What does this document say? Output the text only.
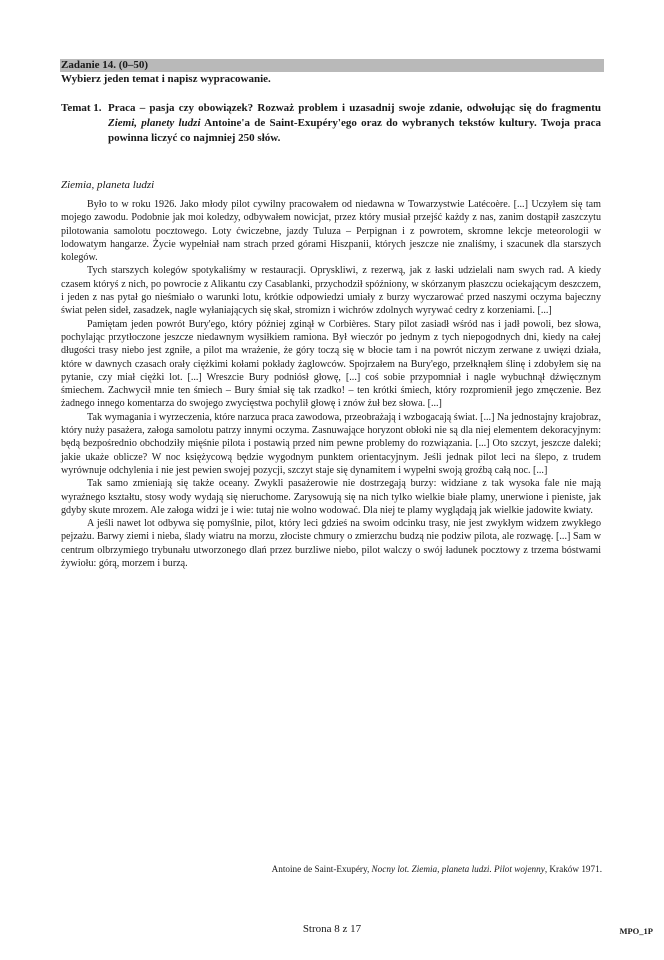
Zadanie 14. (0–50)
Wybierz jeden temat i napisz wypracowanie.
Temat 1. Praca – pasja czy obowiązek? Rozważ problem i uzasadnij swoje zdanie, odwołując się do fragmentu Ziemi, planety ludzi Antoine'a de Saint-Exupéry'ego oraz do wybranych tekstów kultury. Twoja praca powinna liczyć co najmniej 250 słów.
Ziemia, planeta ludzi

Było to w roku 1926. Jako młody pilot cywilny pracowałem od niedawna w Towarzystwie Latécoère. [...] Uczyłem się tam mojego zawodu. Podobnie jak moi koledzy, odbywałem nowicjat, przez który musiał przejść każdy z nas, zanim dostąpił zaszczytu pilotowania samolotu pocztowego. Loty ćwiczebne, jazdy Tuluza – Perpignan i z powrotem, skromne lekcje meteorologii w lodowatym hangarze. Życie wypełniał nam strach przed górami Hiszpanii, których jeszcze nie znaliśmy, i szacunek dla starszych kolegów.

Tych starszych kolegów spotykaliśmy w restauracji. Opryskliwi, z rezerwą, jak z łaski udzielali nam swych rad. A kiedy czasem któryś z nich, po powrocie z Alikantu czy Casablanki, przychodził spóźniony, w skórzanym płaszczu ociekającym deszczem, i jeden z nas pytał go nieśmiało o warunki lotu, krótkie odpowiedzi umiały z burzy wyczarować przed naszymi oczyma bajeczny świat pełen sideł, zasadzek, nagle wyłaniających się skał, stromizn i wichrów zdolnych wyrywać cedry z korzeniami. [...]

Pamiętam jeden powrót Bury'ego, który później zginął w Corbières. Stary pilot zasiadł wśród nas i jadł powoli, bez słowa, pochylając przytłoczone jeszcze niedawnym wysiłkiem ramiona. Był wieczór po jednym z tych niepogodnych dni, kiedy na całej długości trasy niebo jest zgniłe, a pilot ma wrażenie, że góry toczą się w błocie tam i na powrót niczym zerwane z uwięzi działa, które w dawnych czasach orały ciężkimi kołami pokłady żaglowców. Spojrzałem na Bury'ego, przełknąłem ślinę i zdobyłem się na pytanie, czy miał ciężki lot. [...] Wreszcie Bury podniósł głowę, [...] coś sobie przypomniał i nagle wybuchnął dźwięcznym śmiechem. Zachwycił mnie ten śmiech – Bury śmiał się tak rzadko! – ten krótki śmiech, który rozpromienił jego zmęczenie. Bez żadnego innego komentarza do swojego zwycięstwa pochylił głowę i znów żuł bez słowa. [...]

Tak wymagania i wyrzeczenia, które narzuca praca zawodowa, przeobrażają i wzbogacają świat. [...] Na jednostajny krajobraz, który nuży pasażera, załoga samolotu patrzy innymi oczyma. Zasnuwające horyzont obłoki nie są dla niej elementem dekoracyjnym: będą bezpośrednio obchodziły mięśnie pilota i postawią przed nim pewne problemy do rozwiązania. [...] Oto szczyt, jeszcze daleki; jakie ukaże oblicze? W noc księżycową będzie wygodnym punktem orientacyjnym. Jeśli jednak pilot leci na ślepo, z trudem wyrównuje odchylenia i nie jest pewien swojej pozycji, szczyt staje się dynamitem i wypełni swoją groźbą całą noc. [...]

Tak samo zmieniają się także oceany. Zwykli pasażerowie nie dostrzegają burzy: widziane z tak wysoka fale nie mają wyraźnego kształtu, stosy wody wydają się nieruchome. Zarysowują się na nich tylko wielkie białe plamy, unerwione i pieniste, jak gdyby skute mrozem. Ale załoga widzi je i wie: tutaj nie wolno wodować. Dla niej te plamy wyglądają jak wielkie jadowite kwiaty.

A jeśli nawet lot odbywa się pomyślnie, pilot, który leci gdzieś na swoim odcinku trasy, nie jest zwykłym widzem zwykłego pejzażu. Barwy ziemi i nieba, ślady wiatru na morzu, złociste chmury o zmierzchu budzą nie podziw pilota, ale rozwagę. [...] Sam w centrum olbrzymiego trybunału utworzonego dlań przez burzliwe niebo, pilot walczy o swój ładunek pocztowy z trzema bóstwami żywiołu: górą, morzem i burzą.

Antoine de Saint-Exupéry, Nocny lot. Ziemia, planeta ludzi. Pilot wojenny, Kraków 1971.
Strona 8 z 17	MPO_1P
